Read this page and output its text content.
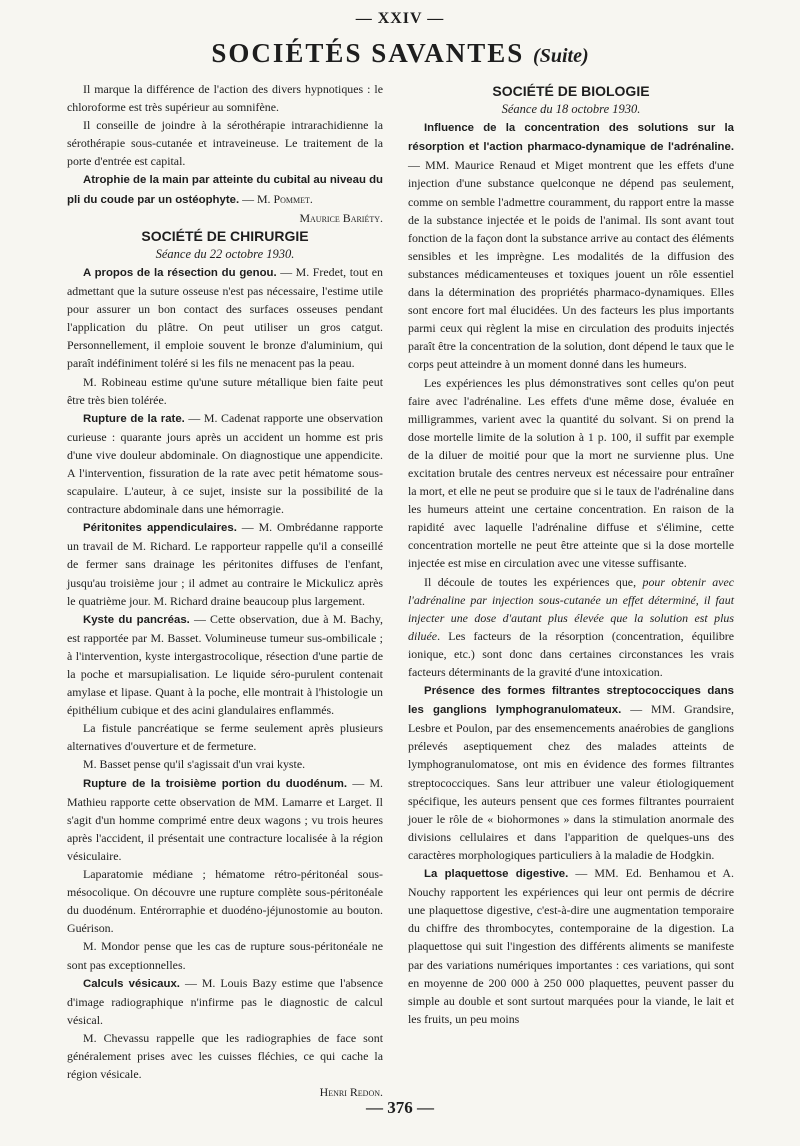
— XXIV —
SOCIÉTÉS SAVANTES (Suite)

Il marque la différence de l'action des divers hypnotiques : le chloroforme est très supérieur au somnifène.

Il conseille de joindre à la sérothérapie intrarachidienne la sérothérapie sous-cutanée et intraveineuse. Le traitement de la porte d'entrée est capital.

Atrophie de la main par atteinte du cubital au niveau du pli du coude par un ostéophyte. — M. Pommet.

Maurice Bariéty.

SOCIÉTÉ DE CHIRURGIE

Séance du 22 octobre 1930.

A propos de la résection du genou. — M. Fredet, tout en admettant que la suture osseuse n'est pas nécessaire, l'estime utile pour assurer un bon contact des surfaces osseuses pendant l'application du plâtre. On peut utiliser un gros catgut. Personnellement, il emploie souvent le bronze d'aluminium, qui paraît indéfiniment toléré si les fils ne menacent pas la peau.

M. Robineau estime qu'une suture métallique bien faite peut être très bien tolérée.

Rupture de la rate. — M. Cadenat rapporte une observation curieuse : quarante jours après un accident un homme est pris d'une vive douleur abdominale. On diagnostique une appendicite. A l'intervention, fissuration de la rate avec petit hématome sous-scapulaire. L'auteur, à ce sujet, insiste sur la possibilité de la contracture abdominale dans une hémorragie.

Péritonites appendiculaires. — M. Ombrédanne rapporte un travail de M. Richard. Le rapporteur rappelle qu'il a conseillé de fermer sans drainage les péritonites diffuses de l'enfant, jusqu'au troisième jour ; il admet au contraire le Mickulicz après le quatrième jour. M. Richard draine beaucoup plus largement.

Kyste du pancréas. — Cette observation, due à M. Bachy, est rapportée par M. Basset. Volumineuse tumeur sus-ombilicale ; à l'intervention, kyste intergastrocolique, résection d'une partie de la poche et marsupialisation. Le liquide séro-purulent contenait amylase et lipase. Quant à la poche, elle montrait à l'histologie un épithélium cubique et des acini glandulaires enflammés.

La fistule pancréatique se ferme seulement après plusieurs alternatives d'ouverture et de fermeture.

M. Basset pense qu'il s'agissait d'un vrai kyste.

Rupture de la troisième portion du duodénum. — M. Mathieu rapporte cette observation de MM. Lamarre et Larget. Il s'agit d'un homme comprimé entre deux wagons ; vu trois heures après l'accident, il présentait une contracture localisée à la région vésiculaire.

Laparatomie médiane ; hématome rétro-péritonéal sous-mésocolique. On découvre une rupture complète sous-péritonéale du duodénum. Entérorraphie et duodéno-jéjunostomie au bouton. Guérison.

M. Mondor pense que les cas de rupture sous-péritonéale ne sont pas exceptionnelles.

Calculs vésicaux. — M. Louis Bazy estime que l'absence d'image radiographique n'infirme pas le diagnostic de calcul vésical.

M. Chevassu rappelle que les radiographies de face sont généralement prises avec les cuisses fléchies, ce qui cache la région vésicale.

Henri Redon.

SOCIÉTÉ DE BIOLOGIE

Séance du 18 octobre 1930.

Influence de la concentration des solutions sur la résorption et l'action pharmaco-dynamique de l'adrénaline. — MM. Maurice Renaud et Miget montrent que les effets d'une injection d'une substance quelconque ne dépend pas seulement, comme on semble l'admettre couramment, du rapport entre la masse de la substance injectée et le poids de l'animal. Ils sont avant tout fonction de la façon dont la substance arrive au contact des éléments sensibles et les imprègne. Les modalités de la diffusion des substances médicamenteuses et toxiques jouent un rôle essentiel dans la détermination des propriétés pharmaco-dynamiques. Elles sont encore fort mal élucidées. Un des facteurs les plus importants parmi ceux qui règlent la mise en circulation des produits injectés paraît être la concentration de la solution, dont dépend le taux que le corps peut atteindre à un moment donné dans les humeurs.

Les expériences les plus démonstratives sont celles qu'on peut faire avec l'adrénaline. Les effets d'une même dose, évaluée en milligrammes, varient avec la quantité du solvant. Si on prend la dose mortelle limite de la solution à 1 p. 100, il suffit par exemple de la diluer de moitié pour que la mort ne survienne plus. Une excitation brutale des centres nerveux est nécessaire pour entraîner la mort, et elle ne peut se produire que si le taux de l'adrénaline dans les humeurs atteint une certaine concentration. En raison de la rapidité avec laquelle l'adrénaline diffuse et s'élimine, cette concentration mortelle ne peut être atteinte que si la dose mortelle injectée est mise en circulation avec une vitesse suffisante.

Il découle de toutes les expériences que, pour obtenir avec l'adrénaline par injection sous-cutanée un effet déterminé, il faut injecter une dose d'autant plus élevée que la solution est plus diluée. Les facteurs de la résorption (concentration, équilibre ionique, etc.) sont donc dans certaines circonstances les vrais facteurs déterminants de la gravité d'une intoxication.

Présence des formes filtrantes streptococciques dans les ganglions lymphogranulomateux. — MM. Grandsire, Lesbre et Poulon, par des ensemencements anaérobies de ganglions prélevés aseptiquement chez des malades atteints de lymphogranulomatose, ont mis en évidence des formes filtrantes streptococciques. Sans leur attribuer une valeur étiologiquement spécifique, les auteurs pensent que ces formes filtrantes pourraient jouer le rôle de « biohormones » dans la stimulation anormale des divisions cellulaires et dans l'apparition de quelques-uns des caractères morphologiques particuliers à la maladie de Hodgkin.

La plaquettose digestive. — MM. Ed. Benhamou et A. Nouchy rapportent les expériences qui leur ont permis de décrire une plaquettose digestive, c'est-à-dire une augmentation temporaire du chiffre des thrombocytes, contemporaine de la digestion. La plaquettose qui suit l'ingestion des différents aliments se manifeste par des variations numériques importantes : ces variations, qui sont en moyenne de 200 000 à 250 000 plaquettes, peuvent passer du simple au double et sont surtout marquées pour la viande, le lait et les fruits, un peu moins

— 376 —
